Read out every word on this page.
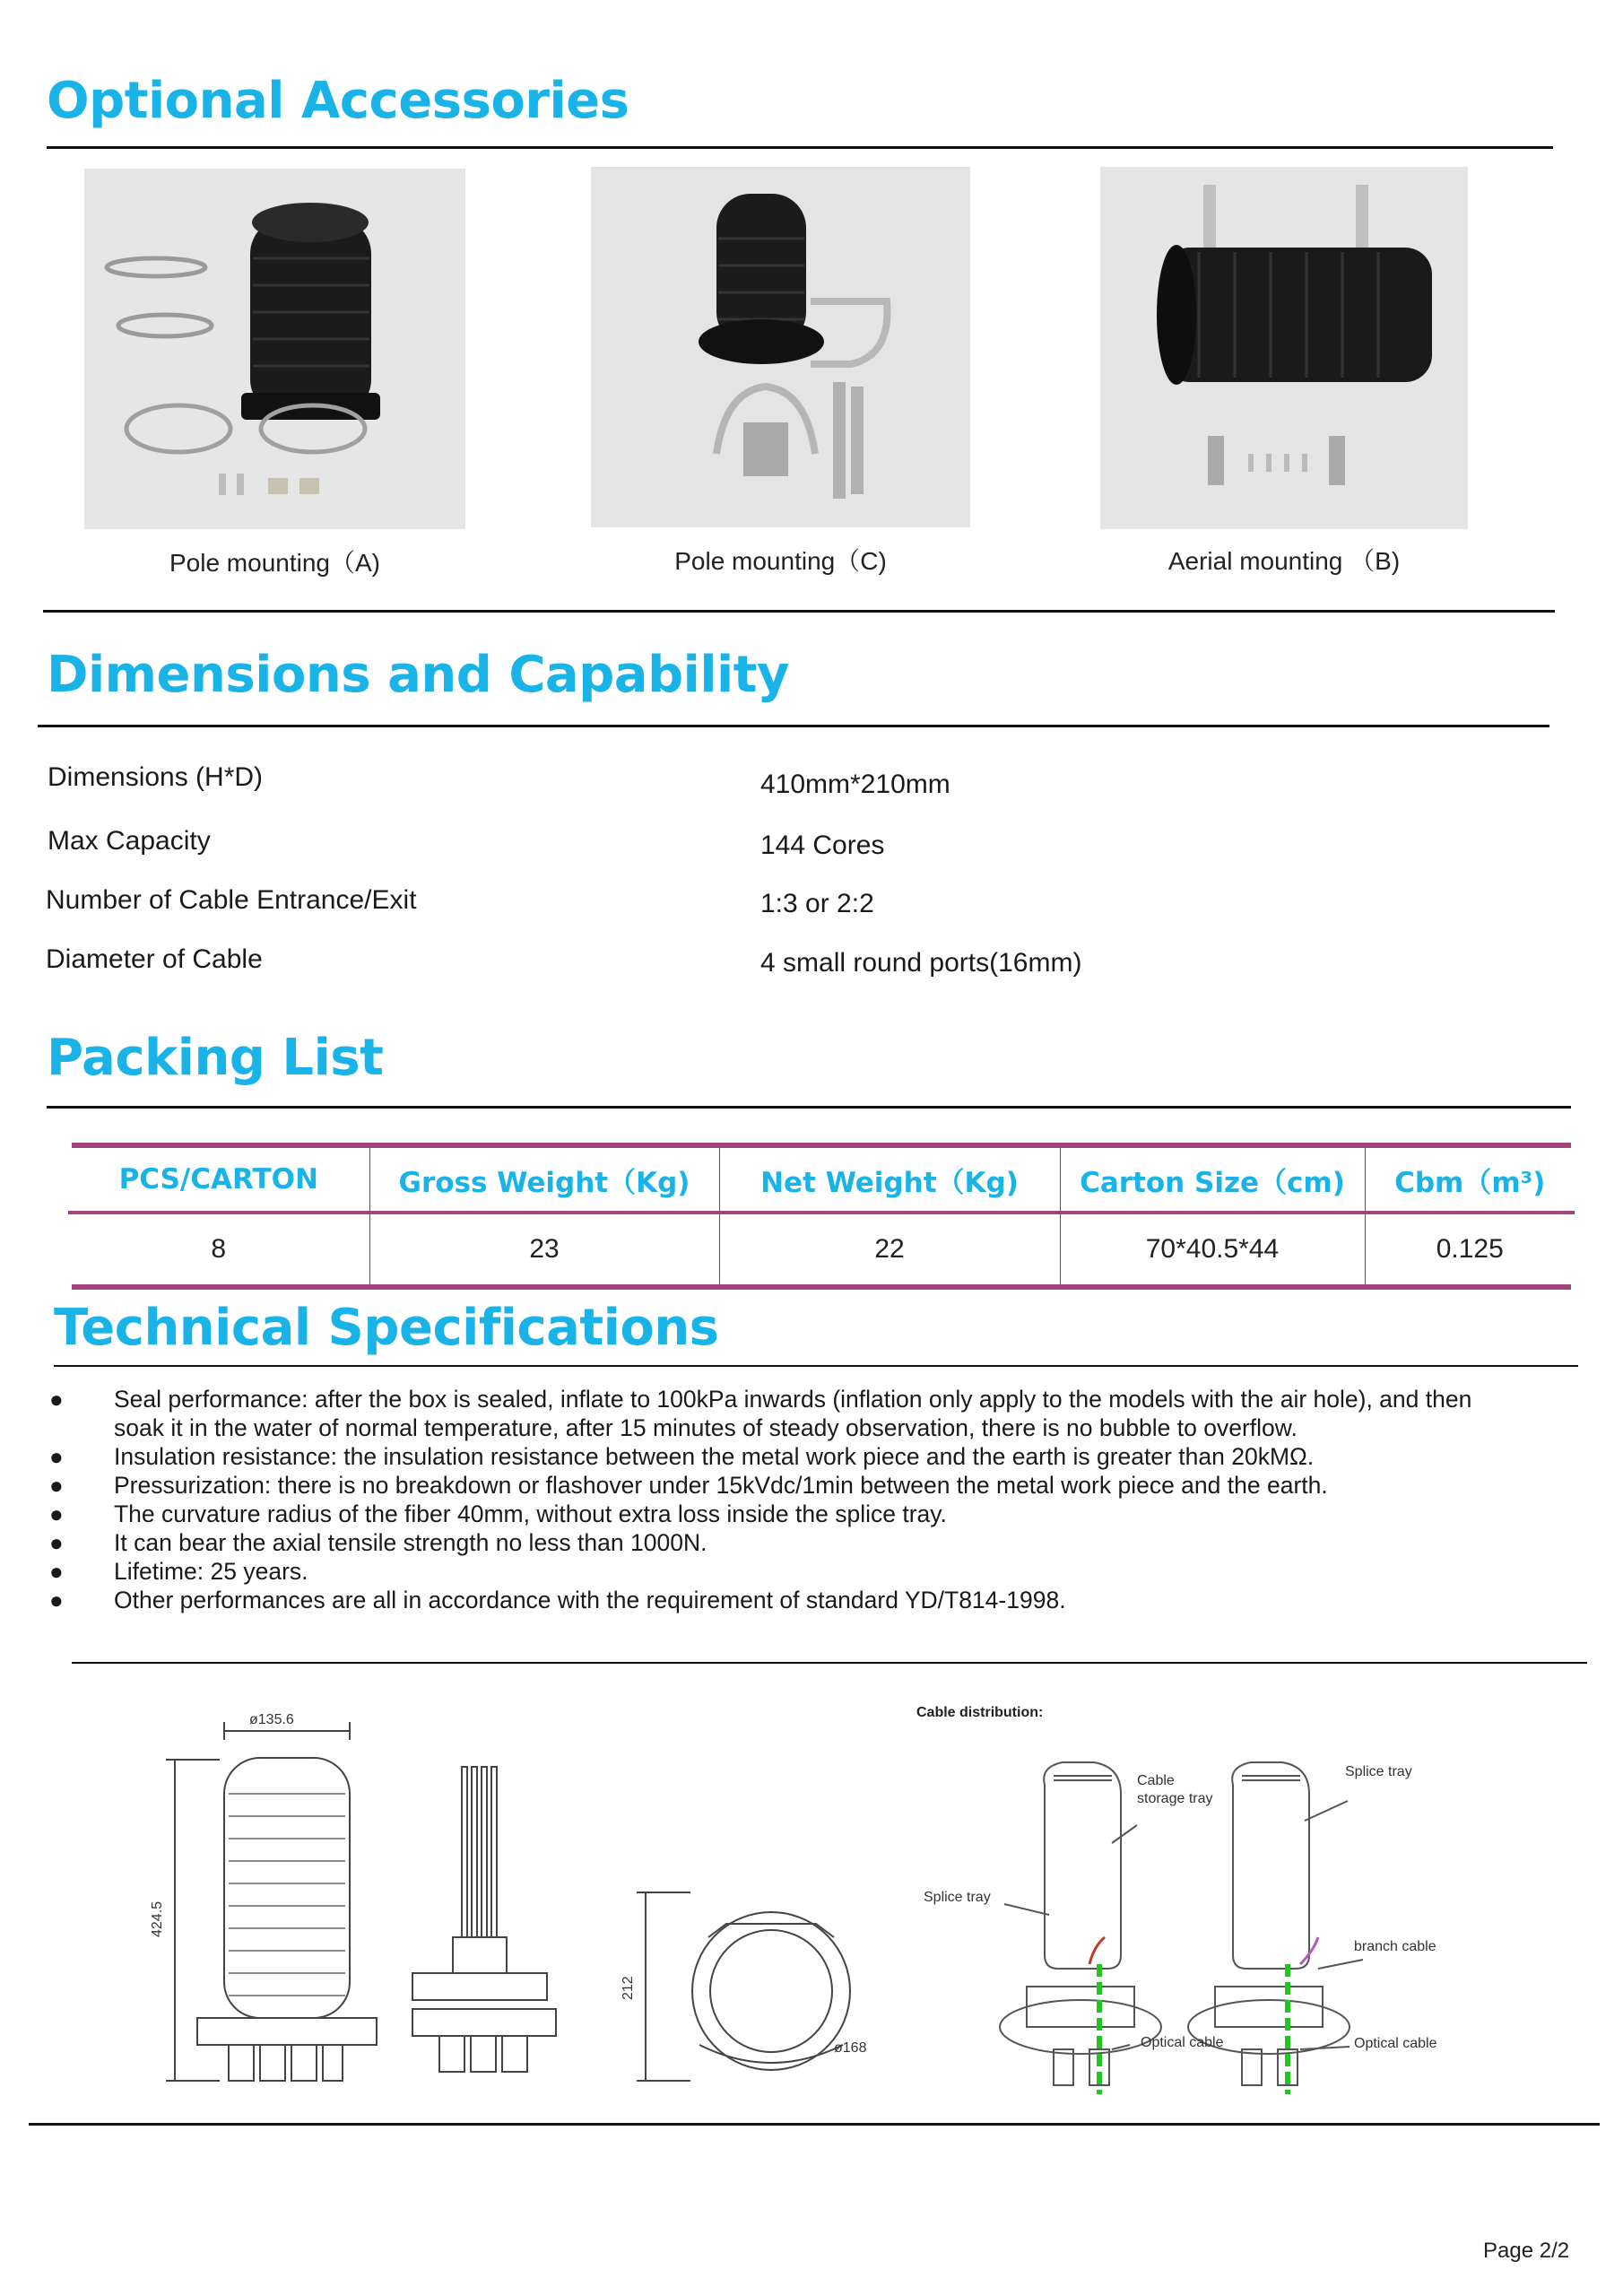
Optional Accessories
Pole mounting（A)	Pole mounting（C)	Aerial mounting （B)
Dimensions and Capability
Dimensions (H*D)	410mm*210mm
Max Capacity	144 Cores
Number of Cable Entrance/Exit	1:3 or 2:2
Diameter of Cable	4 small round ports(16mm)
Packing List
PCS/CARTON	Gross Weight（Kg)	Net Weight（Kg)	Carton Size（cm)	Cbm（m³)
8	23	22	70*40.5*44	0.125
Technical Specifications
● Seal performance: after the box is sealed, inflate to 100kPa inwards (inflation only apply to the models with the air hole), and then soak it in the water of normal temperature, after 15 minutes of steady observation, there is no bubble to overflow.
● Insulation resistance: the insulation resistance between the metal work piece and the earth is greater than 20kMΩ.
● Pressurization: there is no breakdown or flashover under 15kVdc/1min between the metal work piece and the earth.
● The curvature radius of the fiber 40mm, without extra loss inside the splice tray.
● It can bear the axial tensile strength no less than 1000N.
● Lifetime: 25 years.
● Other performances are all in accordance with the requirement of standard YD/T814-1998.
ø135.6
424.5
212
ø168
Cable distribution:
Cable
storage tray
Splice tray
Splice tray
branch cable
Optical cable	Optical cable
Page 2/2
